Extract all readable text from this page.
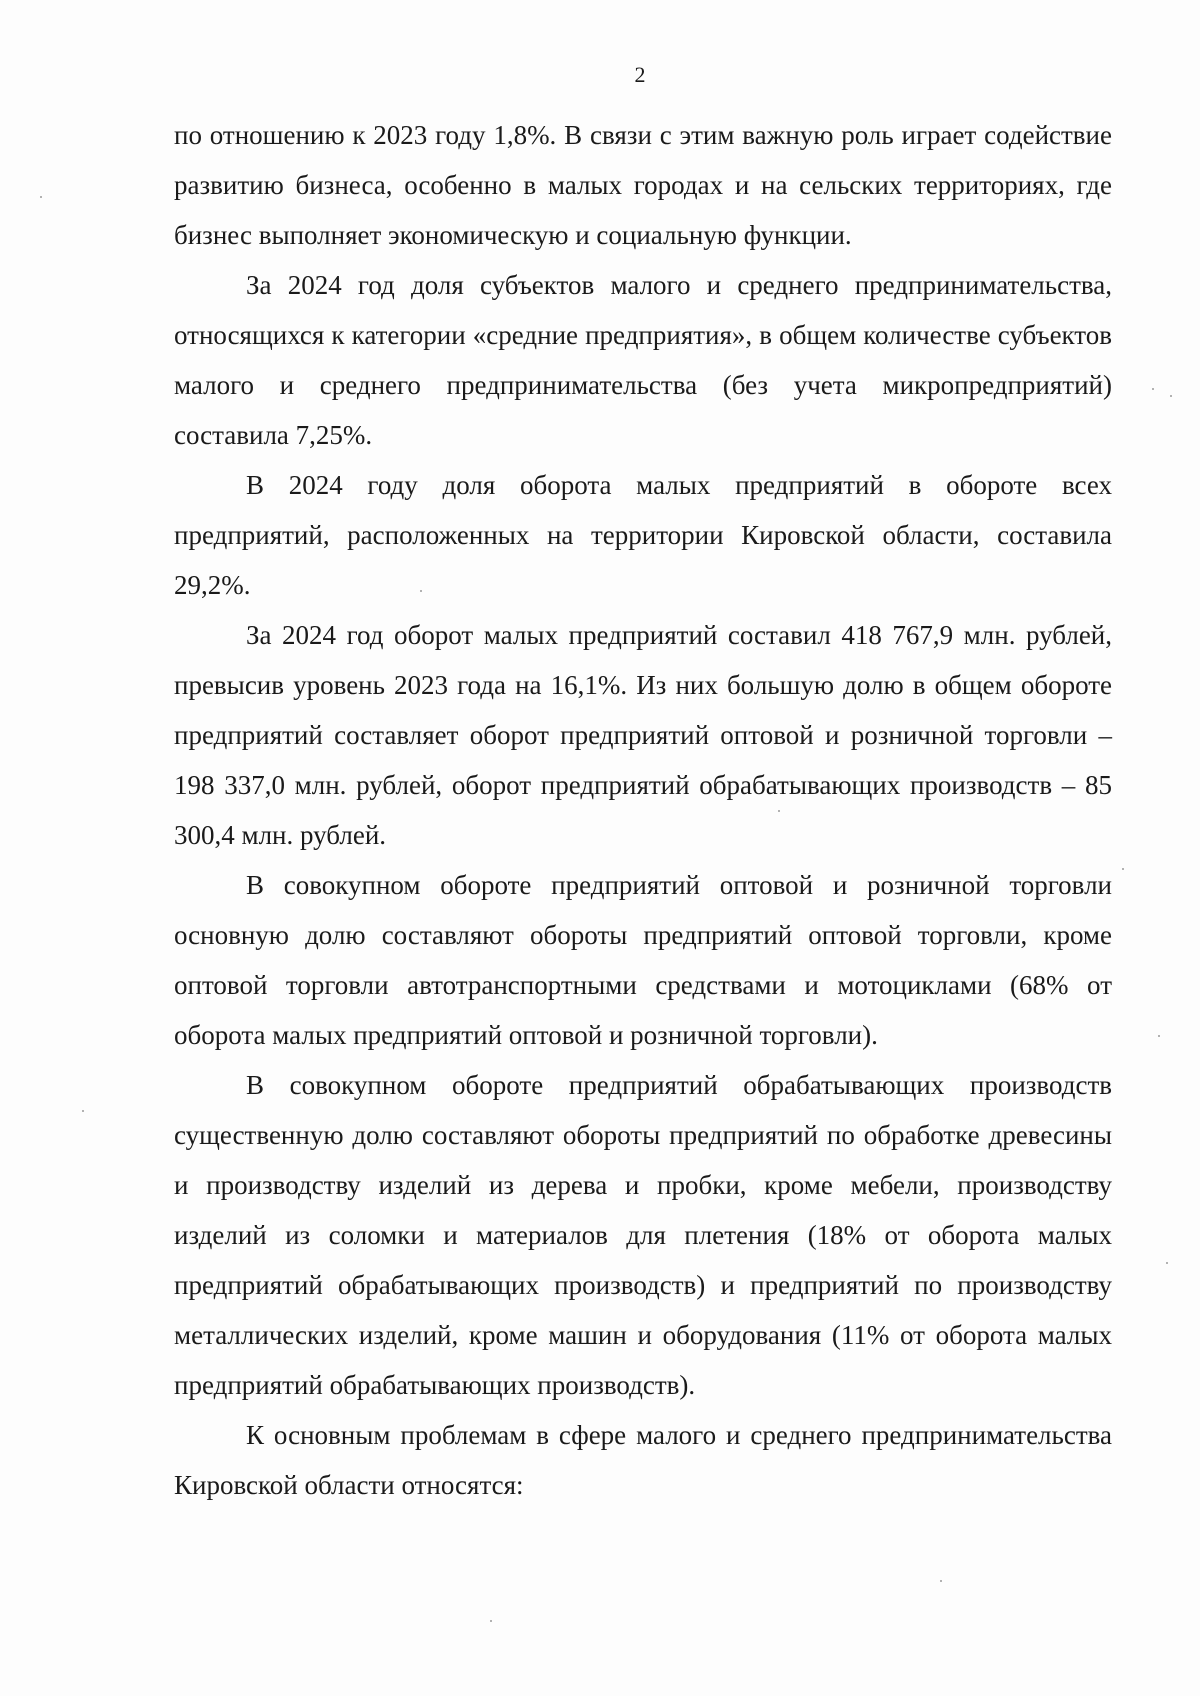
2

по отношению к 2023 году 1,8%. В связи с этим важную роль играет содействие развитию бизнеса, особенно в малых городах и на сельских территориях, где бизнес выполняет экономическую и социальную функции.

За 2024 год доля субъектов малого и среднего предпринимательства, относящихся к категории «средние предприятия», в общем количестве субъектов малого и среднего предпринимательства (без учета микропредприятий) составила 7,25%.

В 2024 году доля оборота малых предприятий в обороте всех предприятий, расположенных на территории Кировской области, составила 29,2%.

За 2024 год оборот малых предприятий составил 418 767,9 млн. рублей, превысив уровень 2023 года на 16,1%. Из них большую долю в общем обороте предприятий составляет оборот предприятий оптовой и розничной торговли – 198 337,0 млн. рублей, оборот предприятий обрабатывающих производств – 85 300,4 млн. рублей.

В совокупном обороте предприятий оптовой и розничной торговли основную долю составляют обороты предприятий оптовой торговли, кроме оптовой торговли автотранспортными средствами и мотоциклами (68% от оборота малых предприятий оптовой и розничной торговли).

В совокупном обороте предприятий обрабатывающих производств существенную долю составляют обороты предприятий по обработке древесины и производству изделий из дерева и пробки, кроме мебели, производству изделий из соломки и материалов для плетения (18% от оборота малых предприятий обрабатывающих производств) и предприятий по производству металлических изделий, кроме машин и оборудования (11% от оборота малых предприятий обрабатывающих производств).

К основным проблемам в сфере малого и среднего предпринимательства Кировской области относятся:
